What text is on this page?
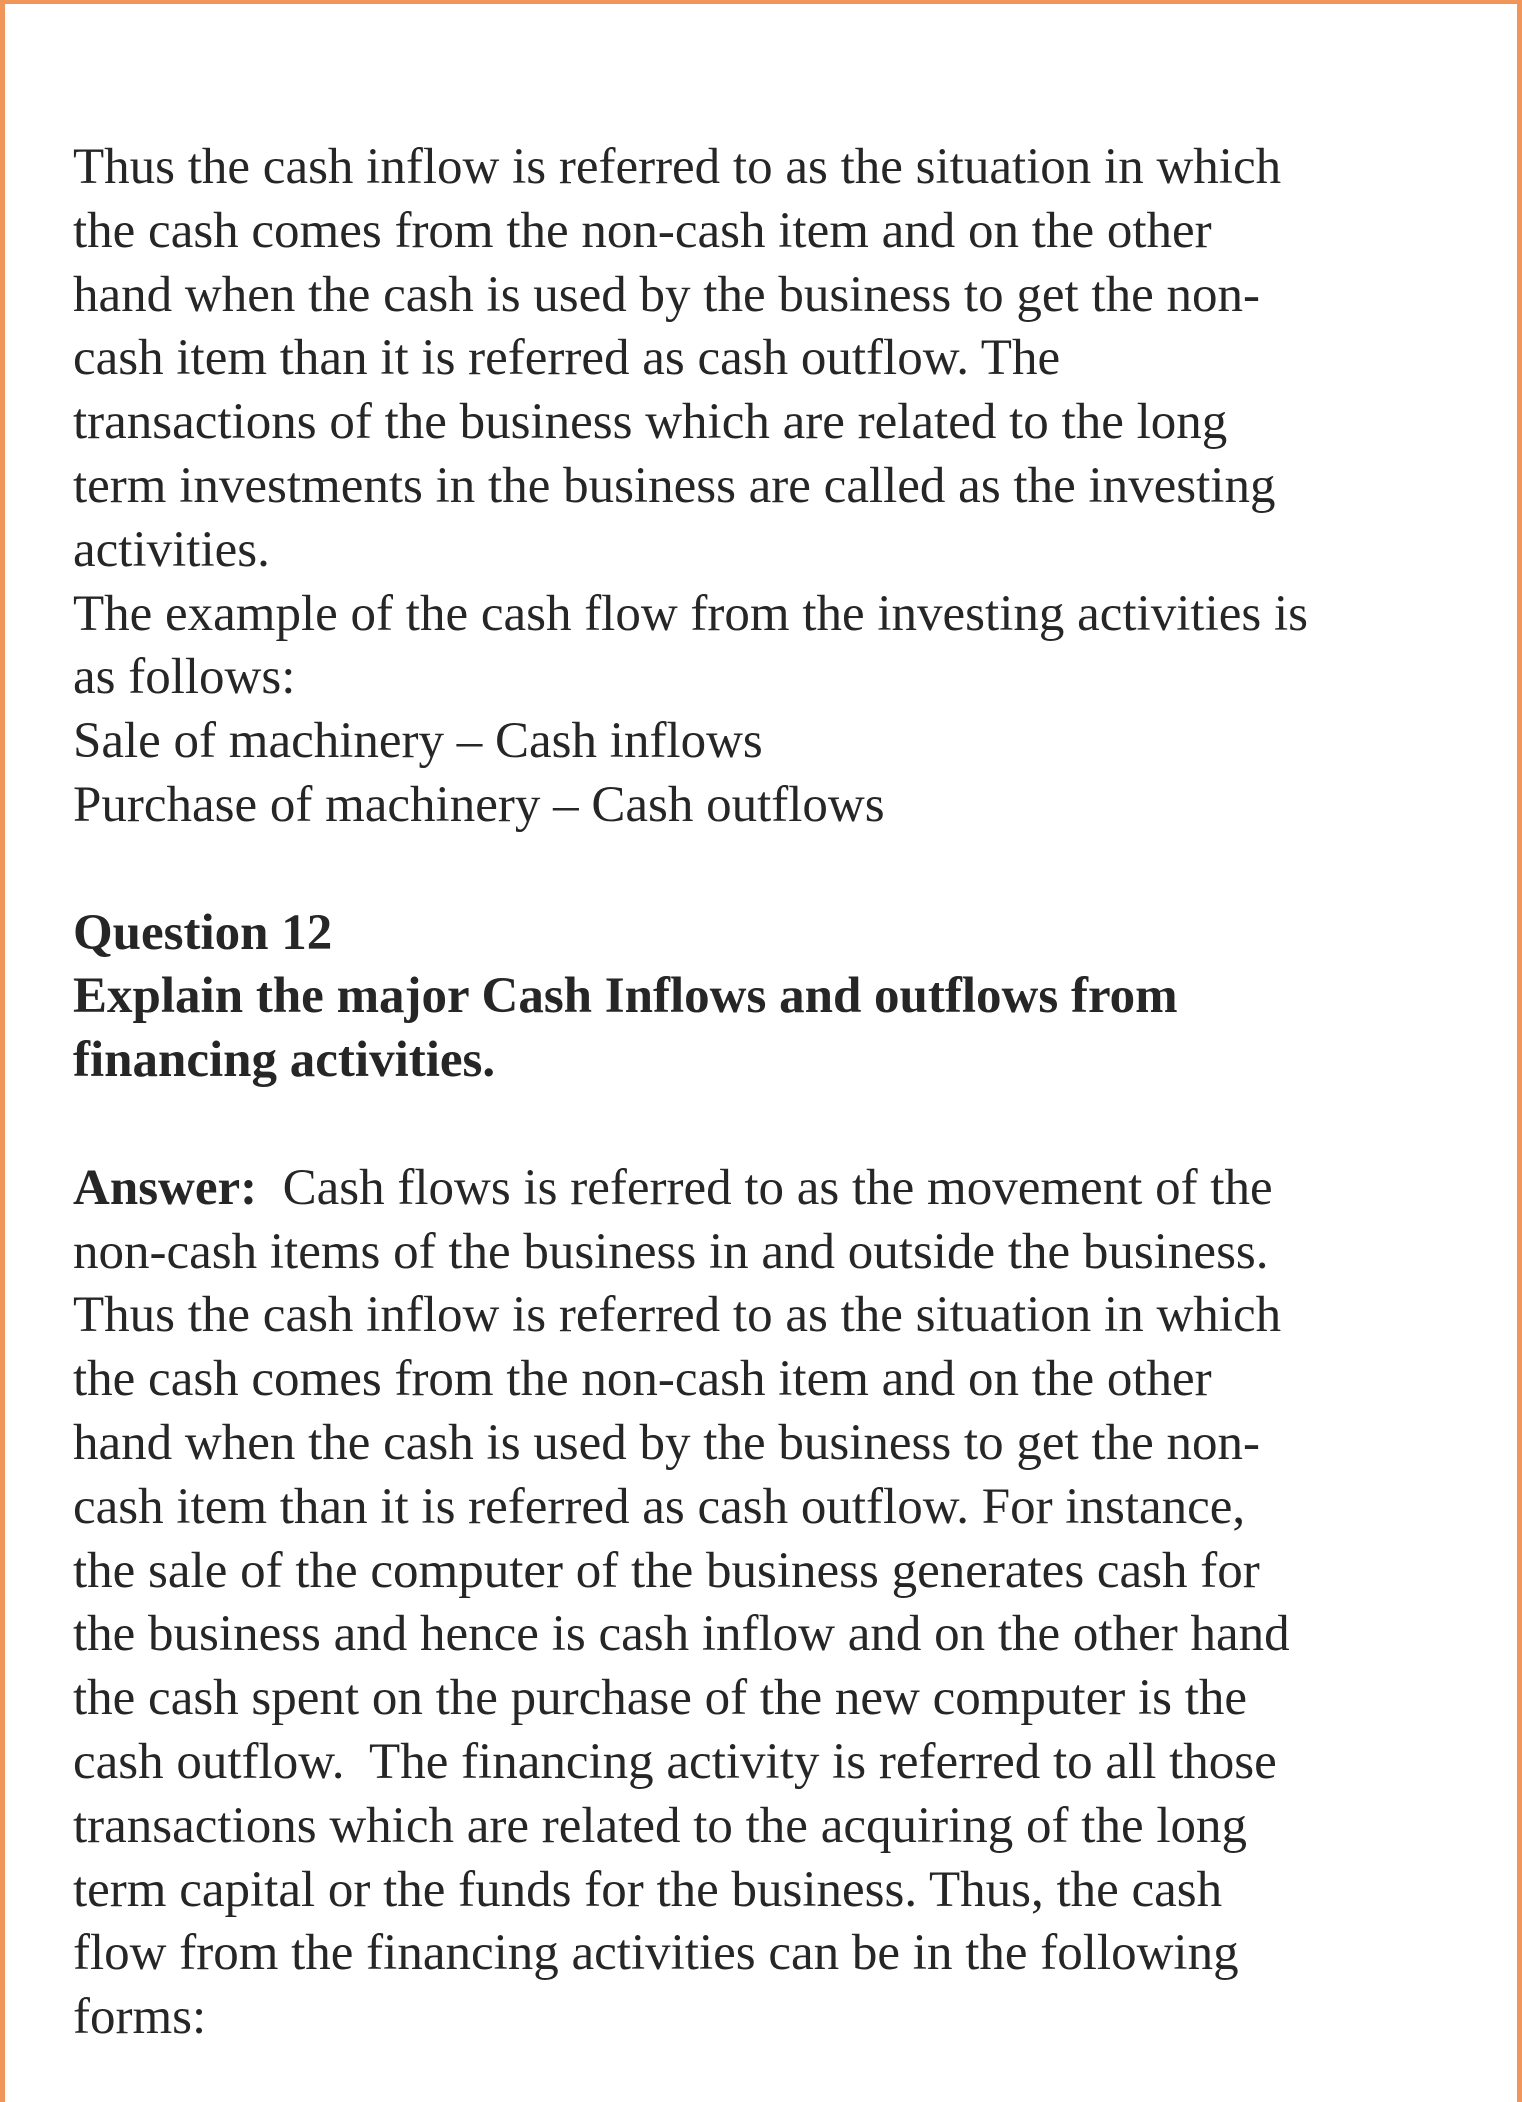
Thus the cash inflow is referred to as the situation in which
the cash comes from the non-cash item and on the other
hand when the cash is used by the business to get the non-
cash item than it is referred as cash outflow. The
transactions of the business which are related to the long
term investments in the business are called as the investing
activities.
The example of the cash flow from the investing activities is
as follows:
Sale of machinery – Cash inflows
Purchase of machinery – Cash outflows
Question 12
Explain the major Cash Inflows and outflows from
financing activities.
Answer:  Cash flows is referred to as the movement of the
non-cash items of the business in and outside the business.
Thus the cash inflow is referred to as the situation in which
the cash comes from the non-cash item and on the other
hand when the cash is used by the business to get the non-
cash item than it is referred as cash outflow. For instance,
the sale of the computer of the business generates cash for
the business and hence is cash inflow and on the other hand
the cash spent on the purchase of the new computer is the
cash outflow.  The financing activity is referred to all those
transactions which are related to the acquiring of the long
term capital or the funds for the business. Thus, the cash
flow from the financing activities can be in the following
forms:
